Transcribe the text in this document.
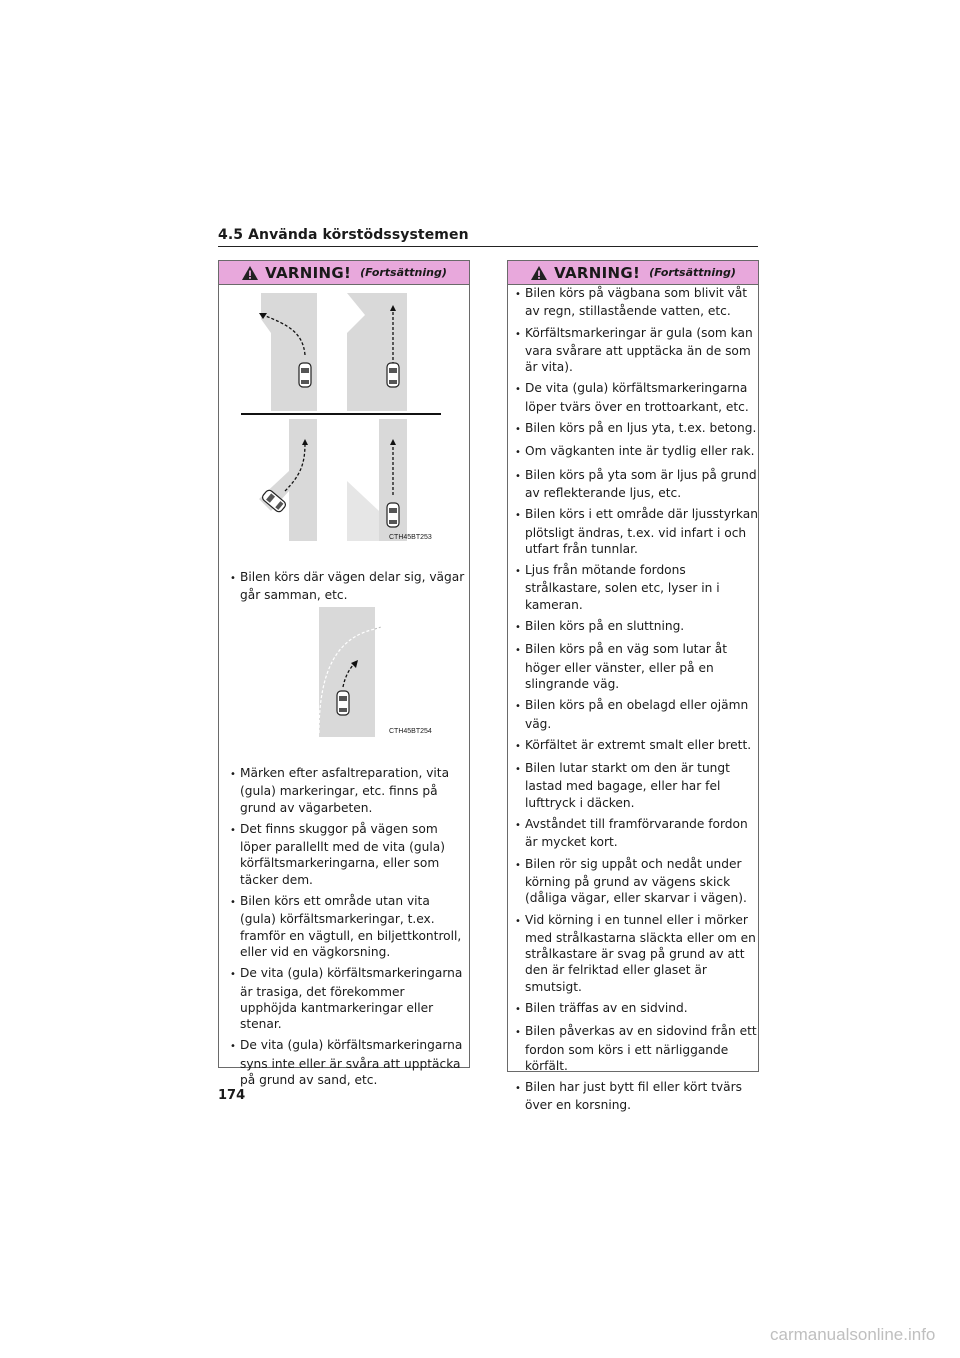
4.5 Använda körstödssystemen
VARNING! (Fortsättning)
CTH45BT253
• Bilen körs där vägen delar sig, vägar går samman, etc.
CTH45BT254
• Märken efter asfaltreparation, vita (gula) markeringar, etc. finns på grund av vägarbeten.
• Det finns skuggor på vägen som löper parallellt med de vita (gula) körfältsmarkeringarna, eller som täcker dem.
• Bilen körs ett område utan vita (gula) körfältsmarkeringar, t.ex. framför en vägtull, en biljettkontroll, eller vid en vägkorsning.
• De vita (gula) körfältsmarkeringarna är trasiga, det förekommer upphöjda kantmarkeringar eller stenar.
• De vita (gula) körfältsmarkeringarna syns inte eller är svåra att upptäcka på grund av sand, etc.
VARNING! (Fortsättning)
• Bilen körs på vägbana som blivit våt av regn, stillastående vatten, etc.
• Körfältsmarkeringar är gula (som kan vara svårare att upptäcka än de som är vita).
• De vita (gula) körfältsmarkeringarna löper tvärs över en trottoarkant, etc.
• Bilen körs på en ljus yta, t.ex. betong.
• Om vägkanten inte är tydlig eller rak.
• Bilen körs på yta som är ljus på grund av reflekterande ljus, etc.
• Bilen körs i ett område där ljusstyrkan plötsligt ändras, t.ex. vid infart i och utfart från tunnlar.
• Ljus från mötande fordons strålkastare, solen etc, lyser in i kameran.
• Bilen körs på en sluttning.
• Bilen körs på en väg som lutar åt höger eller vänster, eller på en slingrande väg.
• Bilen körs på en obelagd eller ojämn väg.
• Körfältet är extremt smalt eller brett.
• Bilen lutar starkt om den är tungt lastad med bagage, eller har fel lufttryck i däcken.
• Avståndet till framförvarande fordon är mycket kort.
• Bilen rör sig uppåt och nedåt under körning på grund av vägens skick (dåliga vägar, eller skarvar i vägen).
• Vid körning i en tunnel eller i mörker med strålkastarna släckta eller om en strålkastare är svag på grund av att den är felriktad eller glaset är smutsigt.
• Bilen träffas av en sidvind.
• Bilen påverkas av en sidovind från ett fordon som körs i ett närliggande körfält.
• Bilen har just bytt fil eller kört tvärs över en korsning.
174
carmanualsonline.info
